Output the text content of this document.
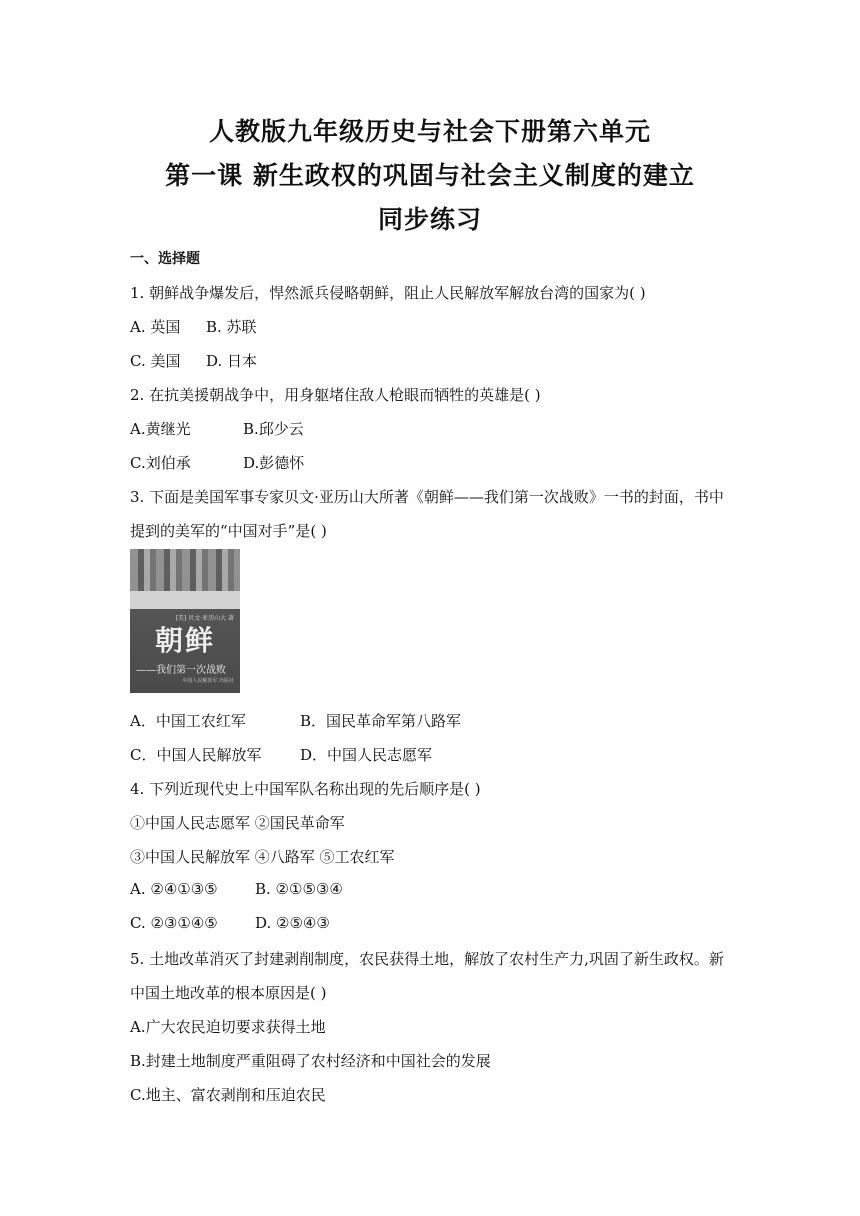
人教版九年级历史与社会下册第六单元
第一课 新生政权的巩固与社会主义制度的建立
同步练习
一、选择题
1. 朝鲜战争爆发后，悍然派兵侵略朝鲜，阻止人民解放军解放台湾的国家为( )
A. 英国 B. 苏联
C. 美国 D. 日本
2. 在抗美援朝战争中，用身躯堵住敌人枪眼而牺牲的英雄是( )
A.黄继光	B.邱少云
C.刘伯承	D.彭德怀
3. 下面是美国军事专家贝文·亚历山大所著《朝鲜——我们第一次战败》一书的封面，书中
提到的美军的“中国对手”是( )
[美] 贝文·亚历山大 著
朝鲜
——我们第一次战败
中国人民解放军 出版社
A．中国工农红军	B．国民革命军第八路军
C．中国人民解放军	D．中国人民志愿军
4. 下列近现代史上中国军队名称出现的先后顺序是( )
①中国人民志愿军 ②国民革命军
③中国人民解放军 ④八路军 ⑤工农红军
A. ②④①③⑤ B. ②①⑤③④
C. ②③①④⑤ D. ②⑤④③
5. 土地改革消灭了封建剥削制度，农民获得土地，解放了农村生产力,巩固了新生政权。新
中国土地改革的根本原因是( )
A.广大农民迫切要求获得土地
B.封建土地制度严重阻碍了农村经济和中国社会的发展
C.地主、富农剥削和压迫农民
